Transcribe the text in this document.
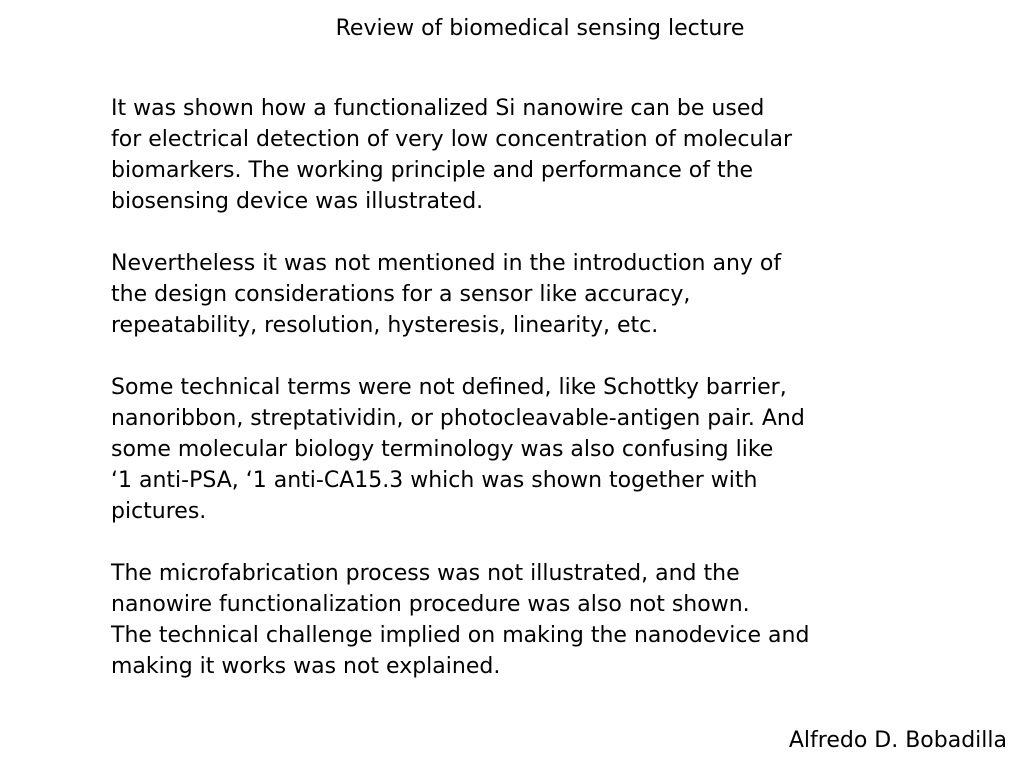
Review of biomedical sensing lecture
It was shown how a functionalized Si nanowire can be used
for electrical detection of very low concentration of molecular
biomarkers. The working principle and performance of the
biosensing device was illustrated.

Nevertheless it was not mentioned in the introduction any of
the design considerations for a sensor like accuracy,
repeatability, resolution, hysteresis, linearity, etc.

Some technical terms were not defined, like Schottky barrier,
nanoribbon, streptatividin, or photocleavable-antigen pair. And
some molecular biology terminology was also confusing like
‘1 anti-PSA, ‘1 anti-CA15.3 which was shown together with
pictures.

The microfabrication process was not illustrated, and the
nanowire functionalization procedure was also not shown.
The technical challenge implied on making the nanodevice and
making it works was not explained.
Alfredo D. Bobadilla
